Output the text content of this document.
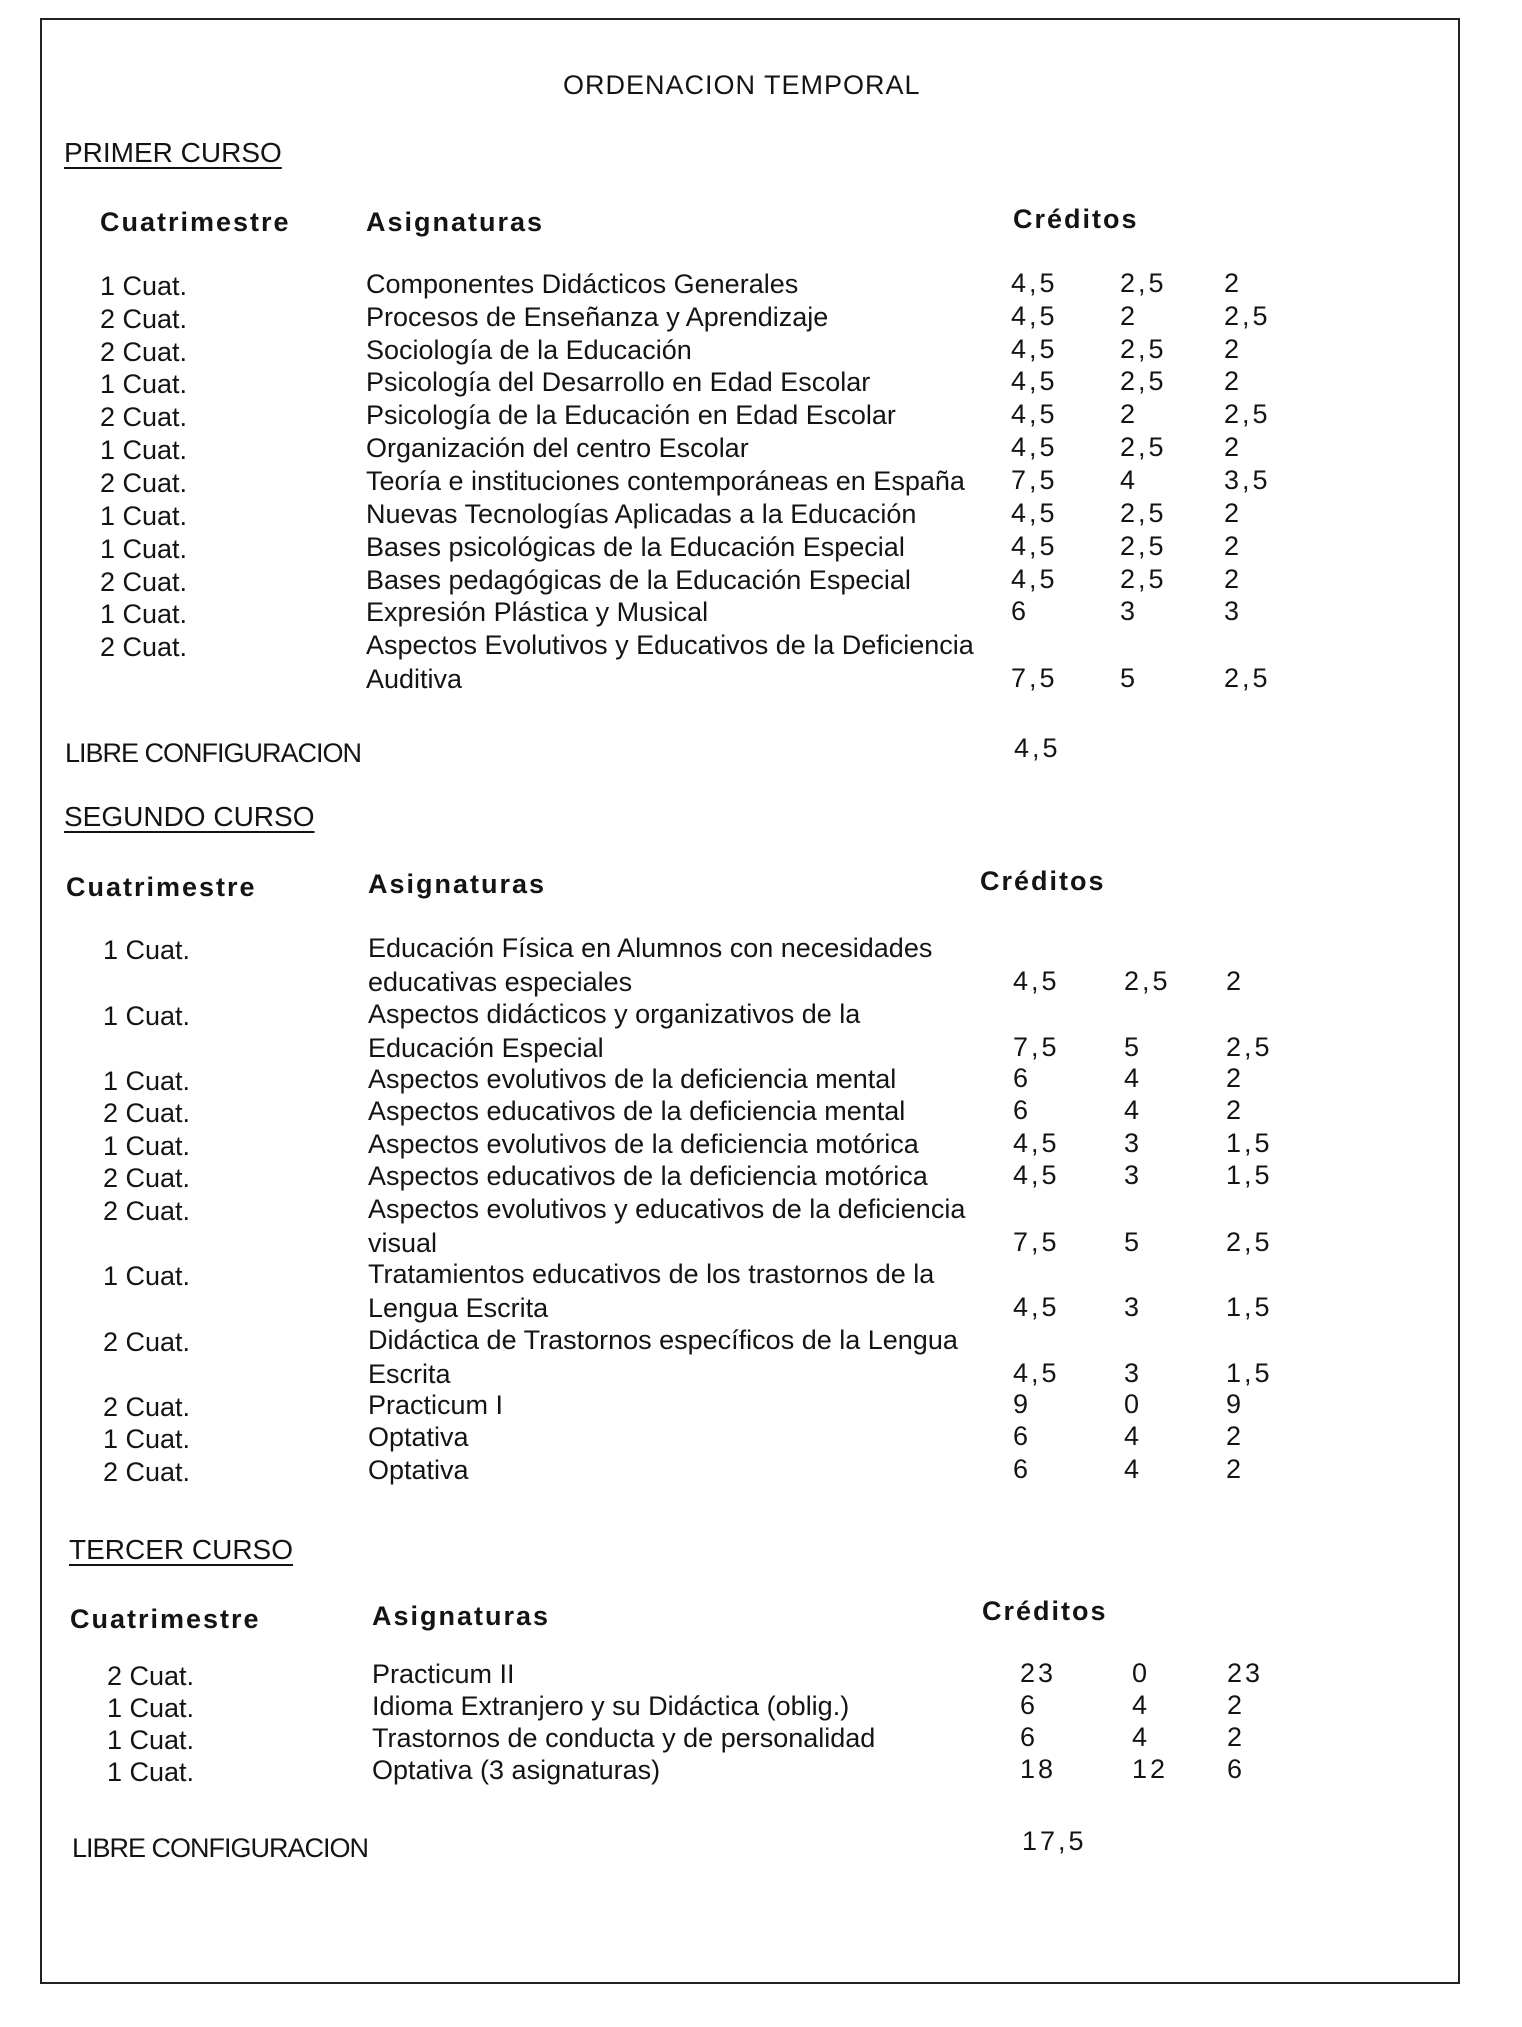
ORDENACION TEMPORAL
PRIMER CURSO
Cuatrimestre	Asignaturas	Créditos
1 Cuat.	Componentes Didácticos Generales	4,5 2,5 2
2 Cuat.	Procesos de Enseñanza y Aprendizaje	4,5 2	2,5
2 Cuat.	Sociología de la Educación	4,5 2,5 2
1 Cuat.	Psicología del Desarrollo en Edad Escolar	4,5 2,5 2
2 Cuat.	Psicología de la Educación en Edad Escolar	4,5 2	2,5
1 Cuat.	Organización del centro Escolar	4,5 2,5 2
2 Cuat.	Teoría e instituciones contemporáneas en España 7,5 4	3,5
1 Cuat.	Nuevas Tecnologías Aplicadas a la Educación	4,5 2,5 2
1 Cuat.	Bases psicológicas de la Educación Especial	4,5 2,5 2
2 Cuat.	Bases pedagógicas de la Educación Especial	4,5 2,5 2
1 Cuat.	Expresión Plástica y Musical	6	3	3
2 Cuat.	Aspectos Evolutivos y Educativos de la Deficiencia
Auditiva	7,5 5	2,5
LIBRE CONFIGURACION	4,5
SEGUNDO CURSO
Cuatrimestre	Asignaturas	Créditos
1 Cuat.	Educación Física en Alumnos con necesidades
educativas especiales	4,5 2,5 2
1 Cuat.	Aspectos didácticos y organizativos de la
Educación Especial	7,5 5	2,5
1 Cuat.	Aspectos evolutivos de la deficiencia mental	6	4	2
2 Cuat.	Aspectos educativos de la deficiencia mental	6	4	2
1 Cuat.	Aspectos evolutivos de la deficiencia motórica	4,5 3	1,5
2 Cuat.	Aspectos educativos de la deficiencia motórica	4,5 3	1,5
2 Cuat.	Aspectos evolutivos y educativos de la deficiencia
visual	7,5 5	2,5
1 Cuat.	Tratamientos educativos de los trastornos de la
Lengua Escrita	4,5 3	1,5
2 Cuat.	Didáctica de Trastornos específicos de la Lengua
Escrita	4,5 3	1,5
2 Cuat.	Practicum I	9	0	9
1 Cuat.	Optativa	6	4	2
2 Cuat.	Optativa	6	4	2
TERCER CURSO
Cuatrimestre	Asignaturas	Créditos
2 Cuat.	Practicum II	23	0	23
1 Cuat.	Idioma Extranjero y su Didáctica (oblig.)	6	4	2
1 Cuat.	Trastornos de conducta y de personalidad	6	4	2
1 Cuat.	Optativa (3 asignaturas)	18	12 6
LIBRE CONFIGURACION	17,5
